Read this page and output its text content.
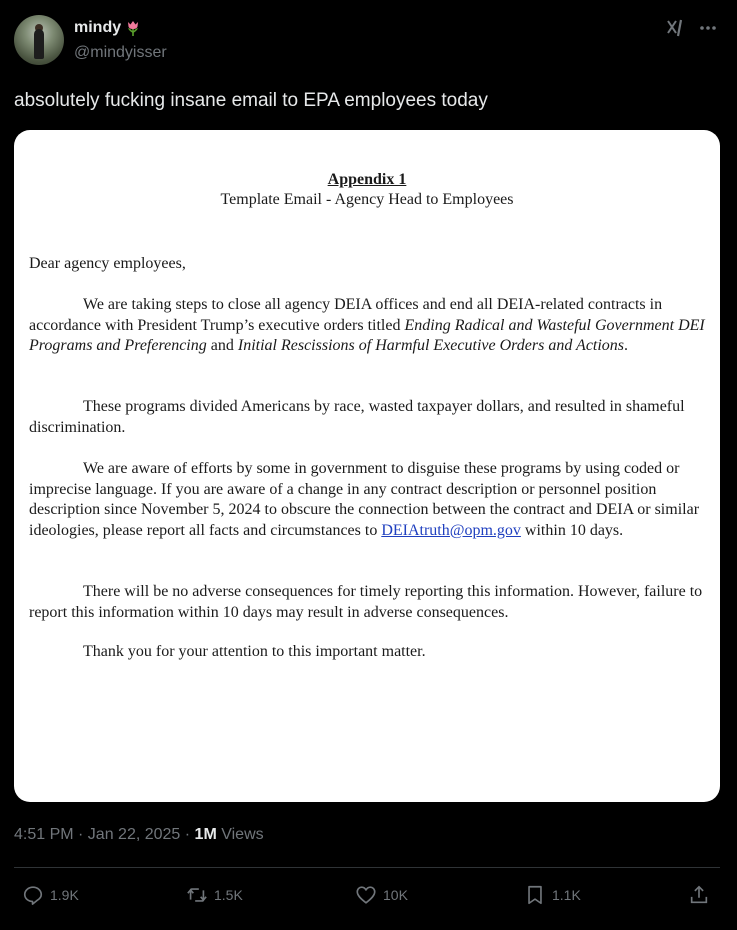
mindy
@mindyisser
absolutely fucking insane email to EPA employees today
Appendix 1
Template Email - Agency Head to Employees
Dear agency employees,
We are taking steps to close all agency DEIA offices and end all DEIA-related contracts in accordance with President Trump’s executive orders titled Ending Radical and Wasteful Government DEI Programs and Preferencing and Initial Rescissions of Harmful Executive Orders and Actions.
These programs divided Americans by race, wasted taxpayer dollars, and resulted in shameful discrimination.
We are aware of efforts by some in government to disguise these programs by using coded or imprecise language. If you are aware of a change in any contract description or personnel position description since November 5, 2024 to obscure the connection between the contract and DEIA or similar ideologies, please report all facts and circumstances to DEIAtruth@opm.gov within 10 days.
There will be no adverse consequences for timely reporting this information. However, failure to report this information within 10 days may result in adverse consequences.
Thank you for your attention to this important matter.
4:51 PM · Jan 22, 2025 · 1M Views
1.9K	1.5K	10K	1.1K
